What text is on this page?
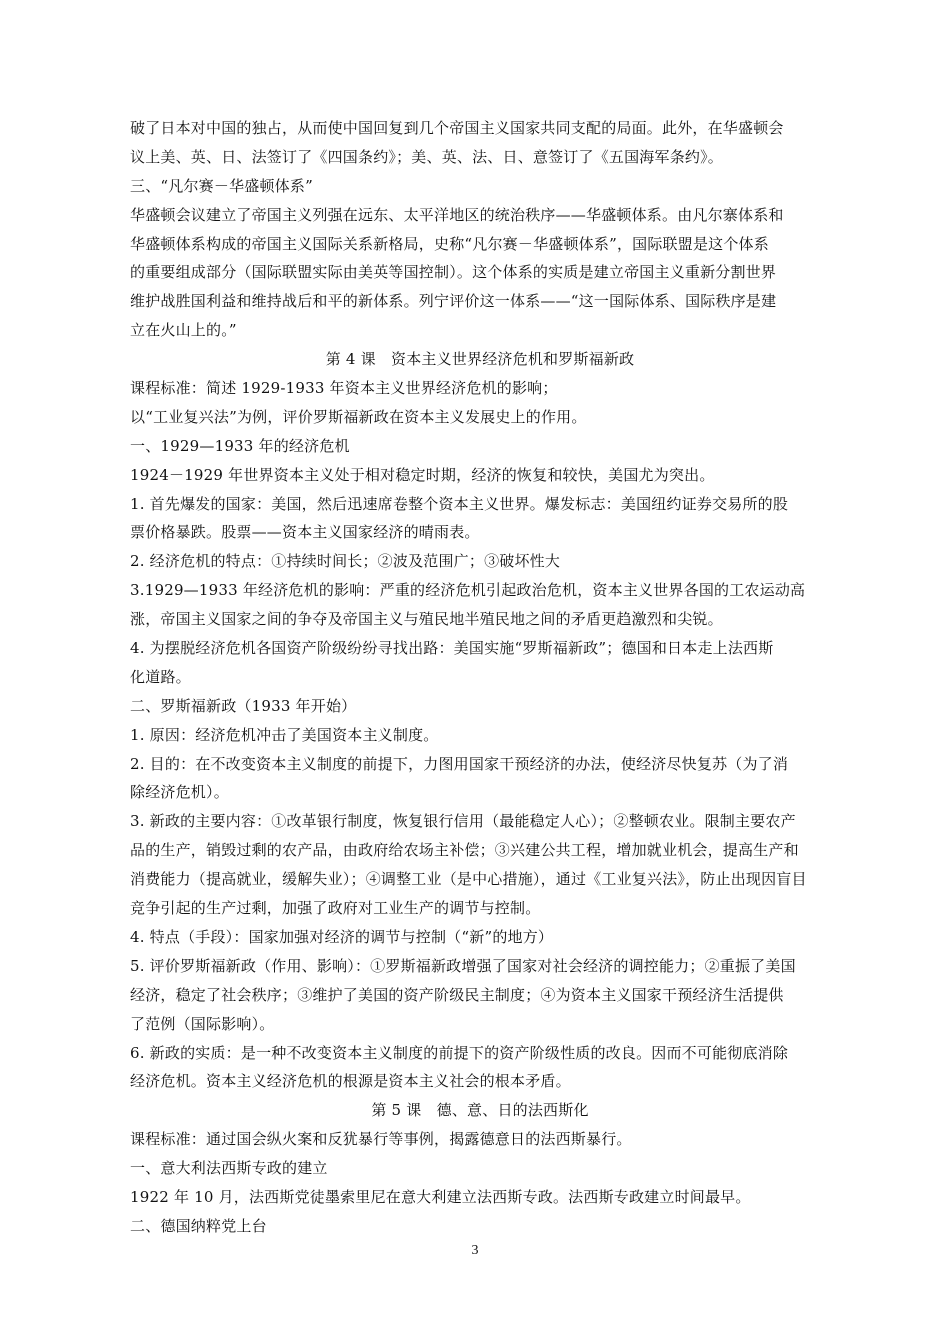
破了日本对中国的独占，从而使中国回复到几个帝国主义国家共同支配的局面。此外，在华盛顿会
议上美、英、日、法签订了《四国条约》；美、英、法、日、意签订了《五国海军条约》。
三、“凡尔赛－华盛顿体系”
华盛顿会议建立了帝国主义列强在远东、太平洋地区的统治秩序——华盛顿体系。由凡尔寨体系和
华盛顿体系构成的帝国主义国际关系新格局，史称“凡尔赛－华盛顿体系”，国际联盟是这个体系
的重要组成部分（国际联盟实际由美英等国控制）。这个体系的实质是建立帝国主义重新分割世界
维护战胜国利益和维持战后和平的新体系。列宁评价这一体系——“这一国际体系、国际秩序是建
立在火山上的。”
第 4 课　资本主义世界经济危机和罗斯福新政
课程标准：简述 1929-1933 年资本主义世界经济危机的影响；
以“工业复兴法”为例，评价罗斯福新政在资本主义发展史上的作用。
一、1929—1933 年的经济危机
1924－1929 年世界资本主义处于相对稳定时期，经济的恢复和较快，美国尤为突出。
1. 首先爆发的国家：美国，然后迅速席卷整个资本主义世界。爆发标志：美国纽约证券交易所的股
票价格暴跌。股票——资本主义国家经济的晴雨表。
2. 经济危机的特点：①持续时间长；②波及范围广；③破坏性大
3.1929—1933 年经济危机的影响：严重的经济危机引起政治危机，资本主义世界各国的工农运动高
涨，帝国主义国家之间的争夺及帝国主义与殖民地半殖民地之间的矛盾更趋激烈和尖锐。
4. 为摆脱经济危机各国资产阶级纷纷寻找出路：美国实施“罗斯福新政”；德国和日本走上法西斯
化道路。
二、罗斯福新政（1933 年开始）
1. 原因：经济危机冲击了美国资本主义制度。
2. 目的：在不改变资本主义制度的前提下，力图用国家干预经济的办法，使经济尽快复苏（为了消
除经济危机）。
3. 新政的主要内容：①改革银行制度，恢复银行信用（最能稳定人心）；②整顿农业。限制主要农产
品的生产，销毁过剩的农产品，由政府给农场主补偿；③兴建公共工程，增加就业机会，提高生产和
消费能力（提高就业，缓解失业）；④调整工业（是中心措施），通过《工业复兴法》，防止出现因盲目
竞争引起的生产过剩，加强了政府对工业生产的调节与控制。
4. 特点（手段）：国家加强对经济的调节与控制（“新”的地方）
5. 评价罗斯福新政（作用、影响）：①罗斯福新政增强了国家对社会经济的调控能力；②重振了美国
经济，稳定了社会秩序；③维护了美国的资产阶级民主制度；④为资本主义国家干预经济生活提供
了范例（国际影响）。
6. 新政的实质：是一种不改变资本主义制度的前提下的资产阶级性质的改良。因而不可能彻底消除
经济危机。资本主义经济危机的根源是资本主义社会的根本矛盾。
第 5 课　德、意、日的法西斯化
课程标准：通过国会纵火案和反犹暴行等事例，揭露德意日的法西斯暴行。
一、意大利法西斯专政的建立
1922 年 10 月，法西斯党徒墨索里尼在意大利建立法西斯专政。法西斯专政建立时间最早。
二、德国纳粹党上台
3
